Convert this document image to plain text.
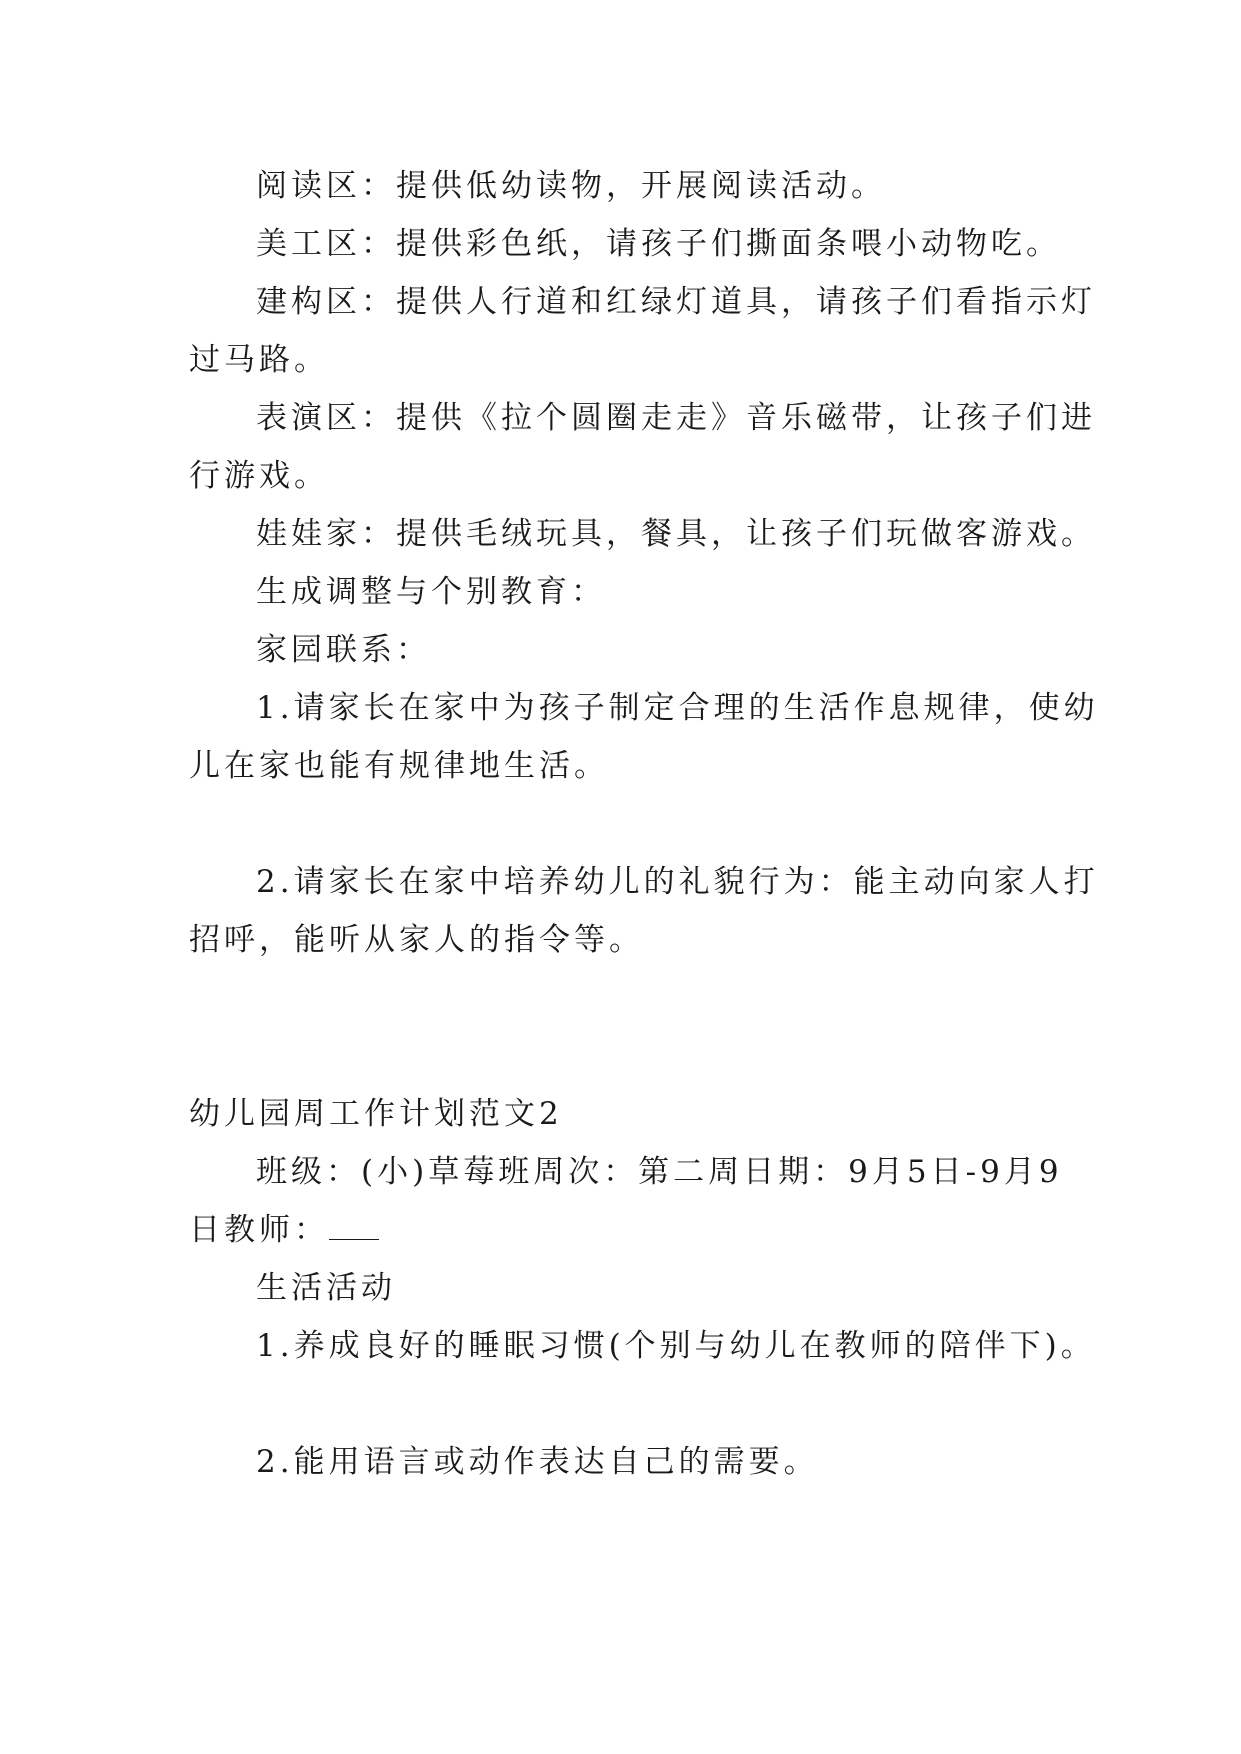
阅读区：提供低幼读物，开展阅读活动。

美工区：提供彩色纸，请孩子们撕面条喂小动物吃。

建构区：提供人行道和红绿灯道具，请孩子们看指示灯

过马路。

表演区：提供《拉个圆圈走走》音乐磁带，让孩子们进

行游戏。

娃娃家：提供毛绒玩具，餐具，让孩子们玩做客游戏。

生成调整与个别教育：

家园联系：

1.请家长在家中为孩子制定合理的生活作息规律，使幼

儿在家也能有规律地生活。

2.请家长在家中培养幼儿的礼貌行为：能主动向家人打

招呼，能听从家人的指令等。

幼儿园周工作计划范文2

班级：(小)草莓班周次：第二周日期：9月5日-9月9

日教师：

生活活动

1.养成良好的睡眠习惯(个别与幼儿在教师的陪伴下)。

2.能用语言或动作表达自己的需要。
